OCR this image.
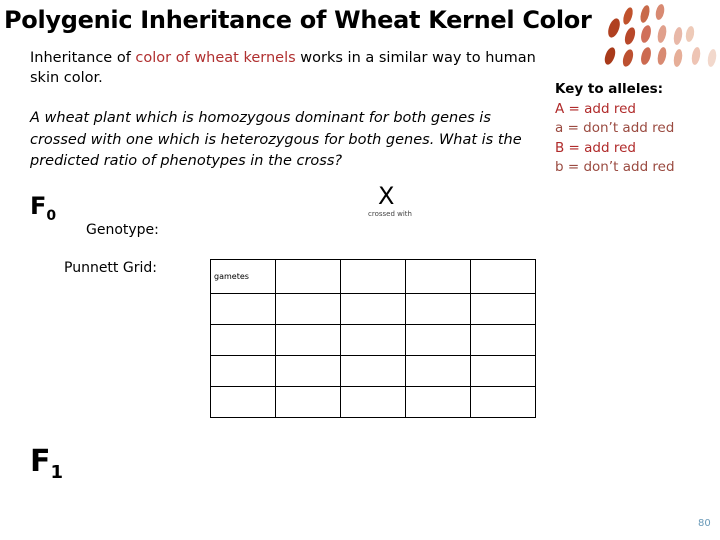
Polygenic Inheritance of Wheat Kernel Color
Inheritance of color of wheat kernels works in a similar way to human skin color.
A wheat plant which is homozygous dominant for both genes is crossed with one which is heterozygous for both genes. What is the predicted ratio of phenotypes in the cross?
Key to alleles:
A = add red
a = don’t add red
B = add red
b = don’t add red
$F_0$
X
crossed with
Genotype:
Punnett Grid:
gametes				

$F_1$
80
